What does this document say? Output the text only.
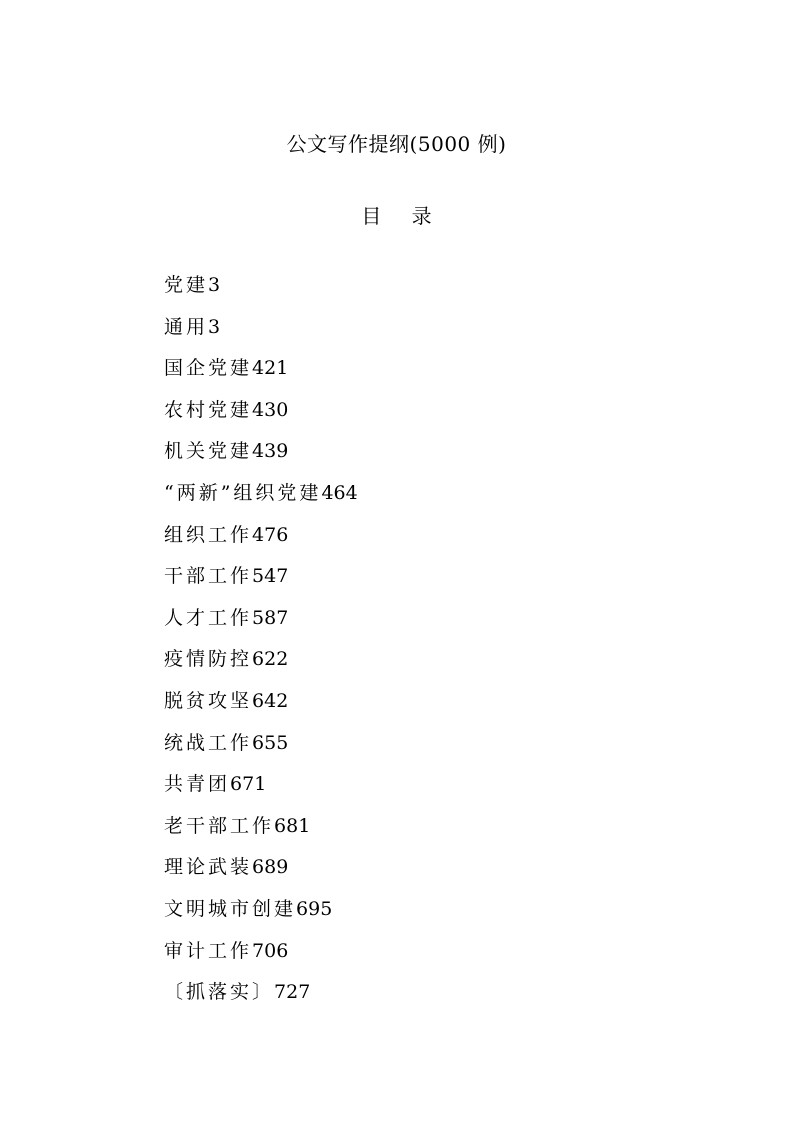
公文写作提纲(5000 例)
目 录
党建3
通用3
国企党建421
农村党建430
机关党建439
“两新”组织党建464
组织工作476
干部工作547
人才工作587
疫情防控622
脱贫攻坚642
统战工作655
共青团671
老干部工作681
理论武装689
文明城市创建695
审计工作706
〔抓落实〕727
